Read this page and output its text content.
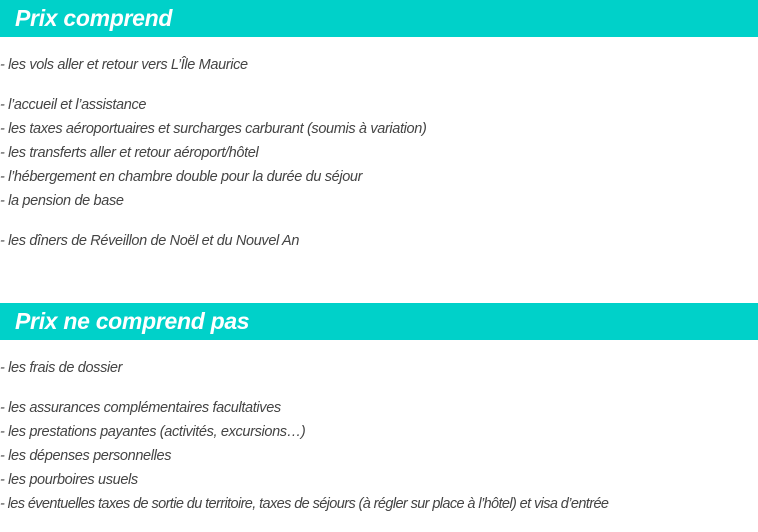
Prix comprend

- les vols aller et retour vers L’Île Maurice

- l’accueil et l’assistance

- les taxes aéroportuaires et surcharges carburant (soumis à variation)

- les transferts aller et retour aéroport/hôtel

- l’hébergement en chambre double pour la durée du séjour

- la pension de base

- les dîners de Réveillon de Noël et du Nouvel An

Prix ne comprend pas

- les frais de dossier

- les assurances complémentaires facultatives

- les prestations payantes (activités, excursions…)

- les dépenses personnelles

- les pourboires usuels

- les éventuelles taxes de sortie du territoire, taxes de séjours (à régler sur place à l’hôtel) et visa d’entrée
